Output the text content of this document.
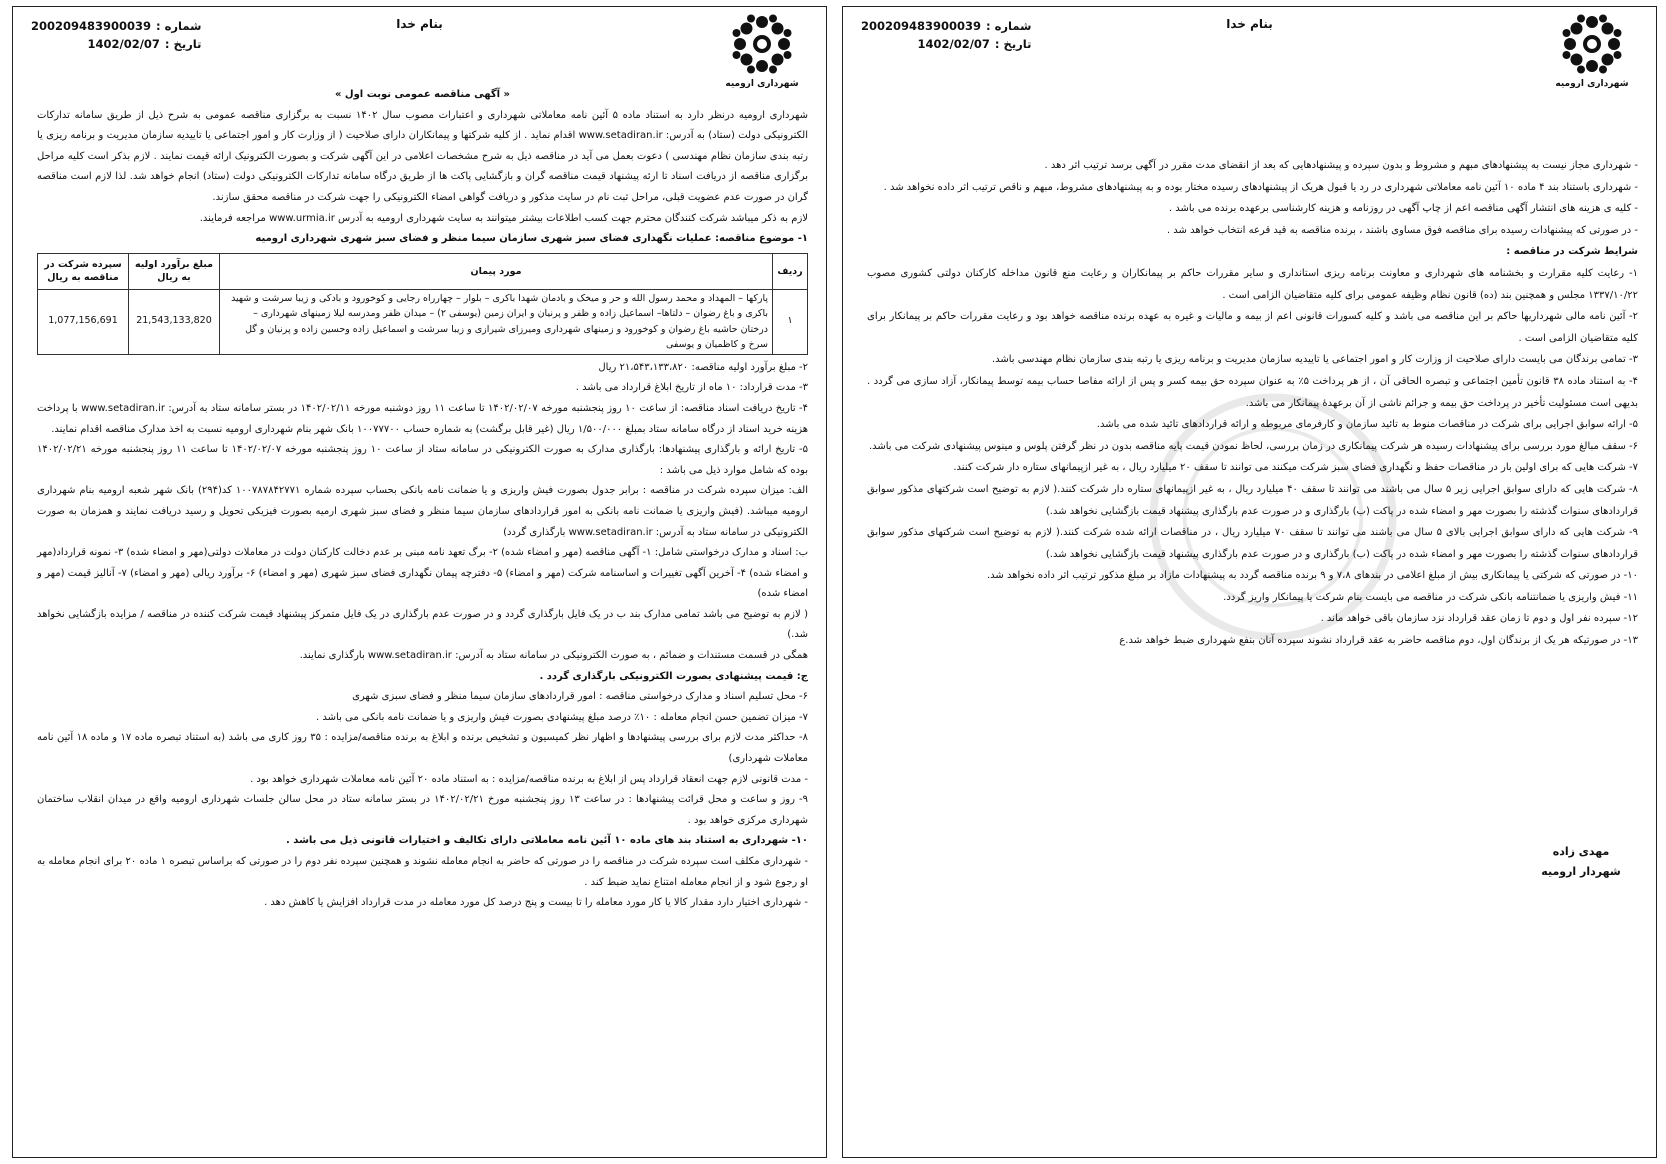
شهرداری ارومیه
بنام خدا
شماره :200209483900039
تاریخ :1402/02/07

« آگهی مناقصه عمومی نوبت اول »

شهرداری ارومیه درنظر دارد به استناد ماده ۵ آئین نامه معاملاتی شهرداری و اعتبارات مصوب سال ۱۴۰۲ نسبت به برگزاری مناقصه عمومی به شرح ذیل از طریق سامانه تدارکات الکترونیکی دولت (ستاد) به آدرس: www.setadiran.ir اقدام نماید . از کلیه شرکتها و پیمانکاران دارای صلاحیت ( از وزارت کار و امور اجتماعی یا تاییدیه سازمان مدیریت و برنامه ریزی یا رتبه بندی سازمان نظام مهندسی ) دعوت بعمل می آید در مناقصه ذیل به شرح مشخصات اعلامی در این آگهی شرکت و بصورت الکترونیک ارائه قیمت نمایند . لازم بذکر است کلیه مراحل برگزاری مناقصه از دریافت اسناد تا ارئه پیشنهاد قیمت مناقصه گران و بازگشایی پاکت ها از طریق درگاه سامانه تدارکات الکترونیکی دولت (ستاد) انجام خواهد شد. لذا لازم است مناقصه گران در صورت عدم عضویت قبلی، مراحل ثبت نام در سایت مذکور و دریافت گواهی امضاء الکترونیکی را جهت شرکت در مناقصه محقق سازند.

لازم به ذکر میباشد شرکت کنندگان محترم جهت کسب اطلاعات بیشتر میتوانند به سایت شهرداری ارومیه به آدرس www.urmia.ir مراجعه فرمایند.

۱- موضوع مناقصه: عملیات نگهداری فضای سبز شهری سازمان سیما منظر و فضای سبز شهری شهرداری ارومیه

ردیف	مورد پیمان	مبلغ برآورد اولیه به ریال	سپرده شرکت در مناقصه به ریال
۱	پارکها – المهداد و محمد رسول الله و حر و میخک و بادمان شهدا باکری – بلوار – چهارراه رجایی و کوخورود و بادکی و زیبا سرشت و شهید باکری و باغ رضوان – دلتاها– اسماعیل زاده و ظفر و پرنیان و ایران زمین (یوسفی ۲) – میدان ظفر ومدرسه لیلا زمینهای شهرداری – درختان حاشیه باغ رضوان و کوخورود و زمینهای شهرداری ومیرزای شیرازی و زیبا سرشت و اسماعیل زاده وحسین زاده و پرنیان و گل سرخ و کاظمیان و یوسفی	21,543,133,820	1,077,156,691

۲- مبلغ برآورد اولیه مناقصه: ۲۱،۵۴۳،۱۳۳،۸۲۰ ریال

۳- مدت قرارداد: ۱۰ ماه از تاریخ ابلاغ قرارداد می باشد .

۴- تاریخ دریافت اسناد مناقصه: از ساعت ۱۰ روز پنجشنبه مورخه ۱۴۰۲/۰۲/۰۷ تا ساعت ۱۱ روز دوشنبه مورخه ۱۴۰۲/۰۲/۱۱ در بستر سامانه ستاد به آدرس: www.setadiran.ir با پرداخت هزینه خرید اسناد از درگاه سامانه ستاد بمبلغ ۱/۵۰۰/۰۰۰ ریال (غیر قابل برگشت) به شماره حساب ۱۰۰۷۷۷۰۰ بانک شهر بنام شهرداری ارومیه نسبت به اخذ مدارک مناقصه اقدام نمایند.

۵- تاریخ ارائه و بارگذاری پیشنهادها: بارگذاری مدارک به صورت الکترونیکی در سامانه ستاد از ساعت ۱۰ روز پنجشنبه مورخه ۱۴۰۲/۰۲/۰۷ تا ساعت ۱۱ روز پنجشنبه مورخه ۱۴۰۲/۰۲/۲۱ بوده که شامل موارد ذیل می باشد :

الف: میزان سپرده شرکت در مناقصه : برابر جدول بصورت فیش واریزی و یا ضمانت نامه بانکی بحساب سپرده شماره ۱۰۰۷۸۷۸۴۲۷۷۱ کد(۲۹۴) بانک شهر شعبه ارومیه بنام شهرداری ارومیه میباشد. (فیش واریزی یا ضمانت نامه بانکی به امور قراردادهای سازمان سیما منظر و فضای سبز شهری ارمیه بصورت فیزیکی تحویل و رسید دریافت نمایند و همزمان به صورت الکترونیکی در سامانه ستاد به آدرس: www.setadiran.ir بارگذاری گردد)

ب: اسناد و مدارک درخواستی شامل: ۱- آگهی مناقصه (مهر و امضاء شده) ۲- برگ تعهد نامه مبنی بر عدم دخالت کارکنان دولت در معاملات دولتی(مهر و امضاء شده) ۳- نمونه قرارداد(مهر و امضاء شده) ۴- آخرین آگهی تغییرات و اساسنامه شرکت (مهر و امضاء) ۵- دفترچه پیمان نگهداری فضای سبز شهری (مهر و امضاء) ۶- برآورد ریالی (مهر و امضاء) ۷- آنالیز قیمت (مهر و امضاء شده)

( لازم به توضیح می باشد تمامی مدارک بند ب در یک فایل بارگذاری گردد و در صورت عدم بارگذاری در یک فایل متمرکز پیشنهاد قیمت شرکت کننده در مناقصه / مزایده بازگشایی نخواهد شد.)

همگی در قسمت مستندات و ضمائم ، به صورت الکترونیکی در سامانه ستاد به آدرس: www.setadiran.ir بارگذاری نمایند.

ج: قیمت پیشنهادی بصورت الکترونیکی بارگذاری گردد .

۶- محل تسلیم اسناد و مدارک درخواستی مناقصه : امور قراردادهای سازمان سیما منظر و فضای سبزی شهری

۷- میزان تضمین حسن انجام معامله : ۱۰٪ درصد مبلغ پیشنهادی بصورت فیش واریزی و یا ضمانت نامه بانکی می باشد .

۸- حداکثر مدت لازم برای بررسی پیشنهادها و اظهار نظر کمیسیون و تشخیص برنده و ابلاغ به برنده مناقصه/مزایده : ۳۵ روز کاری می باشد (به استناد تبصره ماده ۱۷ و ماده ۱۸ آئین نامه معاملات شهرداری)

- مدت قانونی لازم جهت انعقاد قرارداد پس از ابلاغ به برنده مناقصه/مزایده : به استناد ماده ۲۰ آئین نامه معاملات شهرداری خواهد بود .

۹- روز و ساعت و محل قرائت پیشنهادها : در ساعت ۱۳ روز پنجشنبه مورخ ۱۴۰۲/۰۲/۲۱ در بستر سامانه ستاد در محل سالن جلسات شهرداری ارومیه واقع در میدان انقلاب ساختمان شهرداری مرکزی خواهد بود .

۱۰- شهرداری به استناد بند های ماده ۱۰ آئین نامه معاملاتی دارای تکالیف و اختیارات قانونی ذیل می باشد .

- شهرداری مکلف است سپرده شرکت در مناقصه را در صورتی که حاضر به انجام معامله نشوند و همچنین سپرده نفر دوم را در صورتی که براساس تبصره ۱ ماده ۲۰ برای انجام معامله به او رجوع شود و از انجام معامله امتناع نماید ضبط کند .

- شهرداری اختیار دارد مقدار کالا یا کار مورد معامله را تا بیست و پنج درصد کل مورد معامله در مدت قرارداد افزایش یا کاهش دهد .

شهرداری ارومیه
بنام خدا
شماره :200209483900039
تاریخ :1402/02/07

- شهرداری مجاز نیست به پیشنهادهای مبهم و مشروط و بدون سپرده و پیشنهادهایی که بعد از انقضای مدت مقرر در آگهی برسد ترتیب اثر دهد .

- شهرداری باستناد بند ۴ ماده ۱۰ آئین نامه معاملاتی شهرداری در رد یا قبول هریک از پیشنهادهای رسیده مختار بوده و به پیشنهادهای مشروط، مبهم و ناقص ترتیب اثر داده نخواهد شد .

- کلیه ی هزینه های انتشار آگهی مناقصه اعم از چاپ آگهی در روزنامه و هزینه کارشناسی برعهده برنده می باشد .

- در صورتی که پیشنهادات رسیده برای مناقصه فوق مساوی باشند ، برنده مناقصه به قید قرعه انتخاب خواهد شد .

شرایط شرکت در مناقصه :

۱- رعایت کلیه مقرارت و بخشنامه های شهرداری و معاونت برنامه ریزی استانداری و سایر مقررات حاکم بر پیمانکاران و رعایت منع قانون مداخله کارکنان دولتی کشوری مصوب ۱۳۳۷/۱۰/۲۲ مجلس و همچنین بند (ده) قانون نظام وظیفه عمومی برای کلیه متقاضیان الزامی است .

۲- آئین نامه مالی شهرداریها حاکم بر این مناقصه می باشد و کلیه کسورات قانونی اعم از بیمه و مالیات و غیره به عهده برنده مناقصه خواهد بود و رعایت مقررات حاکم بر پیمانکار برای کلیه متقاضیان الزامی است .

۳- تمامی برندگان می بایست دارای صلاحیت از وزارت کار و امور اجتماعی یا تاییدیه سازمان مدیریت و برنامه ریزی یا رتبه بندی سازمان نظام مهندسی باشد.

۴- به استناد ماده ۳۸ قانون تأمین اجتماعی و تبصره الحاقی آن ، از هر پرداخت ۵٪ به عنوان سپرده حق بیمه کسر و پس از ارائه مفاصا حساب بیمه توسط پیمانکار، آزاد سازی می گردد . بدیهی است مسئولیت تأخیر در پرداخت حق بیمه و جرائم ناشی از آن برعهدۀ پیمانکار می باشد.

۵- ارائه سوابق اجرایی برای شرکت در مناقصات منوط به تائید سازمان و کارفرمای مربوطه و ارائه قراردادهای تائید شده می باشد.

۶- سقف مبالغ مورد بررسی برای پیشنهادات رسیده هر شرکت پیمانکاری در زمان بررسی، لحاظ نمودن قیمت پایه مناقصه بدون در نظر گرفتن پلوس و مینوس پیشنهادی شرکت می باشد.

۷- شرکت هایی که برای اولین بار در مناقصات حفظ و نگهداری فضای سبز شرکت میکنند می توانند تا سقف ۲۰ میلیارد ریال ، به غیر ازپیمانهای ستاره دار شرکت کنند.

۸- شرکت هایی که دارای سوابق اجرایی زیر ۵ سال می باشند می توانند تا سقف ۴۰ میلیارد ریال ، به غیر ازپیمانهای ستاره دار شرکت کنند.( لازم به توضیح است شرکتهای مذکور سوابق قراردادهای سنوات گذشته را بصورت مهر و امضاء شده در پاکت (ب) بارگذاری و در صورت عدم بارگذاری پیشنهاد قیمت بازگشایی نخواهد شد.)

۹- شرکت هایی که دارای سوابق اجرایی بالای ۵ سال می باشند می توانند تا سقف ۷۰ میلیارد ریال ، در مناقصات ارائه شده شرکت کنند.( لازم به توضیح است شرکتهای مذکور سوابق قراردادهای سنوات گذشته را بصورت مهر و امضاء شده در پاکت (ب) بارگذاری و در صورت عدم بارگذاری پیشنهاد قیمت بازگشایی نخواهد شد.)

۱۰- در صورتی که شرکتی یا پیمانکاری بیش از مبلغ اعلامی در بندهای ۷،۸ و ۹ برنده مناقصه گردد به پیشنهادات مازاد بر مبلغ مذکور ترتیب اثر داده نخواهد شد.

۱۱- فیش واریزی یا ضمانتنامه بانکی شرکت در مناقصه می بایست بنام شرکت یا پیمانکار واریز گردد.

۱۲- سپرده نفر اول و دوم تا زمان عقد قرارداد نزد سازمان باقی خواهد ماند .

۱۳- در صورتیکه هر یک از برندگان اول، دوم مناقصه حاضر به عقد قرارداد نشوند سپرده آنان بنفع شهرداری ضبط خواهد شد.ع

مهدی زاده
شهردار ارومیه
